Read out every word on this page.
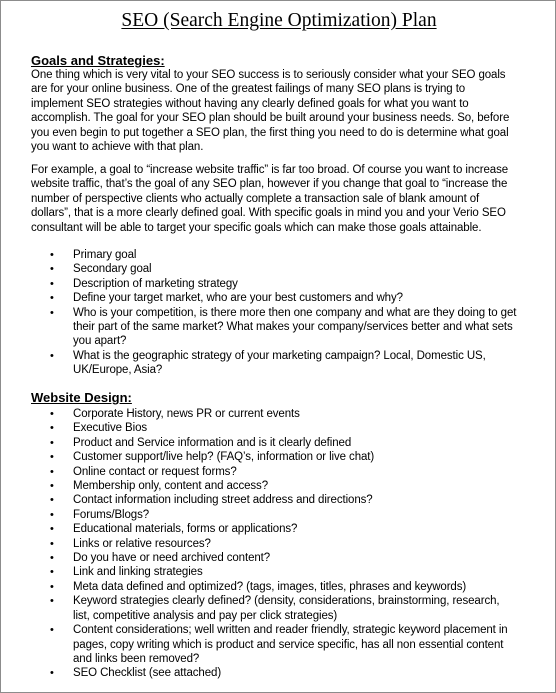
SEO (Search Engine Optimization) Plan
Goals and Strategies:
One thing which is very vital to your SEO success is to seriously consider what your SEO goals
are for your online business. One of the greatest failings of many SEO plans is trying to
implement SEO strategies without having any clearly defined goals for what you want to
accomplish. The goal for your SEO plan should be built around your business needs. So, before
you even begin to put together a SEO plan, the first thing you need to do is determine what goal
you want to achieve with that plan.
For example, a goal to “increase website traffic” is far too broad. Of course you want to increase
website traffic, that’s the goal of any SEO plan, however if you change that goal to “increase the
number of perspective clients who actually complete a transaction sale of blank amount of
dollars”, that is a more clearly defined goal. With specific goals in mind you and your Verio SEO
consultant will be able to target your specific goals which can make those goals attainable.
• Primary goal
• Secondary goal
• Description of marketing strategy
• Define your target market, who are your best customers and why?
• Who is your competition, is there more then one company and what are they doing to get
their part of the same market? What makes your company/services better and what sets
you apart?
• What is the geographic strategy of your marketing campaign? Local, Domestic US,
UK/Europe, Asia?
Website Design:
• Corporate History, news PR or current events
• Executive Bios
• Product and Service information and is it clearly defined
• Customer support/live help? (FAQ’s, information or live chat)
• Online contact or request forms?
• Membership only, content and access?
• Contact information including street address and directions?
• Forums/Blogs?
• Educational materials, forms or applications?
• Links or relative resources?
• Do you have or need archived content?
• Link and linking strategies
• Meta data defined and optimized? (tags, images, titles, phrases and keywords)
• Keyword strategies clearly defined? (density, considerations, brainstorming, research,
list, competitive analysis and pay per click strategies)
• Content considerations; well written and reader friendly, strategic keyword placement in
pages, copy writing which is product and service specific, has all non essential content
and links been removed?
• SEO Checklist (see attached)
